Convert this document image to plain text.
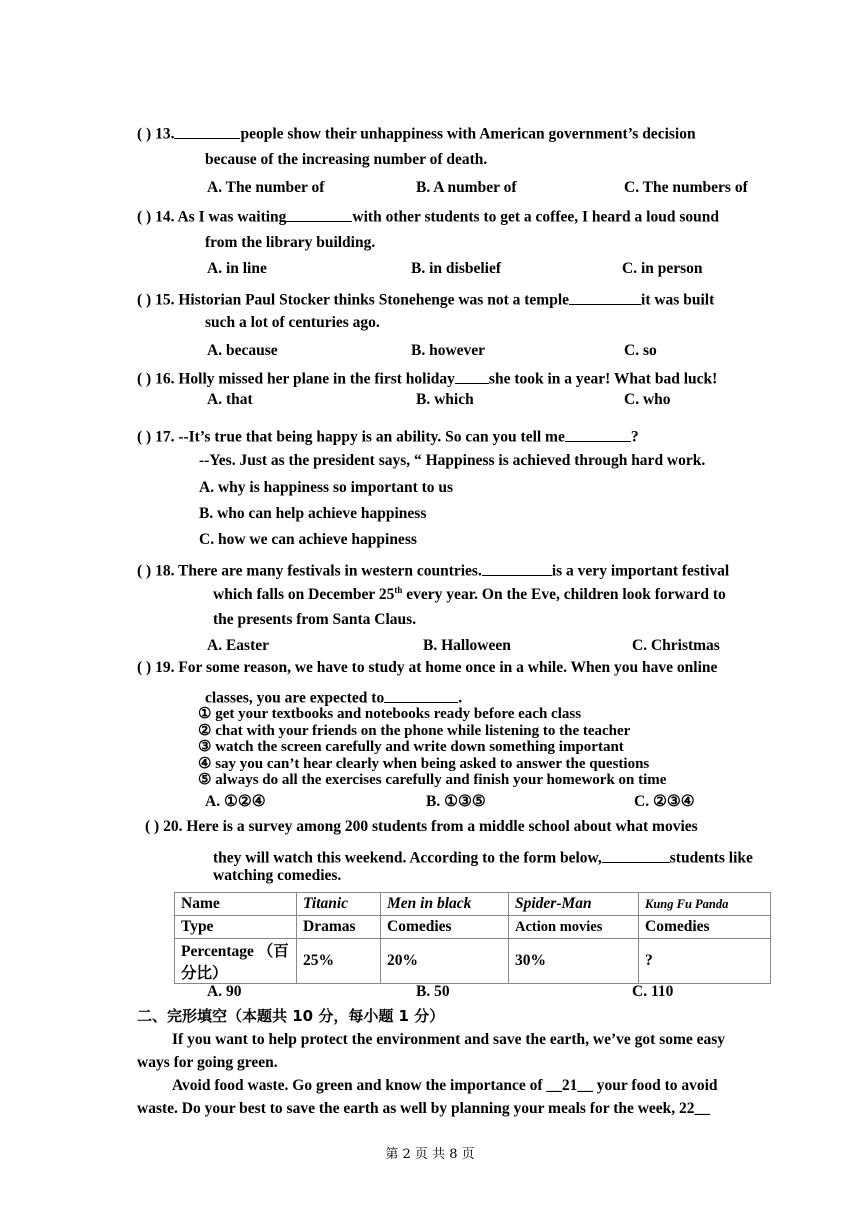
( ) 13.	people show their unhappiness with American government’s decision
because of the increasing number of death.
A. The number of	B. A number of	C. The numbers of
( ) 14. As I was waiting	with other students to get a coffee, I heard a loud sound
from the library building.
A. in line	B. in disbelief	C. in person
( ) 15. Historian Paul Stocker thinks Stonehenge was not a temple	it was built
such a lot of centuries ago.
A. because	B. however	C. so
( ) 16. Holly missed her plane in the first holiday she took in a year! What bad luck!
A. that	B. which	C. who
( ) 17. --It’s true that being happy is an ability. So can you tell me	?
--Yes. Just as the president says, “ Happiness is achieved through hard work.
A. why is happiness so important to us
B. who can help achieve happiness
C. how we can achieve happiness
( ) 18. There are many festivals in western countries.	is a very important festival
which falls on December 25th every year. On the Eve, children look forward to
the presents from Santa Claus.
A. Easter	B. Halloween	C. Christmas
( ) 19. For some reason, we have to study at home once in a while. When you have online
classes, you are expected to	.
① get your textbooks and notebooks ready before each class
② chat with your friends on the phone while listening to the teacher
③ watch the screen carefully and write down something important
④ say you can’t hear clearly when being asked to answer the questions
⑤ always do all the exercises carefully and finish your homework on time
A. ①②④	B. ①③⑤	C. ②③④
( ) 20. Here is a survey among 200 students from a middle school about what movies
they will watch this weekend. According to the form below,	students like
watching comedies.
Name	Titanic	Men in black	Spider-Man	Kung Fu Panda
Type	Dramas	Comedies	Action movies	Comedies
Percentage （百分比）	25%	20%	30%	?
A. 90	B. 50	C. 110
二、完形填空（本题共 10 分，每小题 1 分）
If you want to help protect the environment and save the earth, we’ve got some easy
ways for going green.
Avoid food waste. Go green and know the importance of __21__ your food to avoid
waste. Do your best to save the earth as well by planning your meals for the week, 22__
第 2 页 共 8 页
